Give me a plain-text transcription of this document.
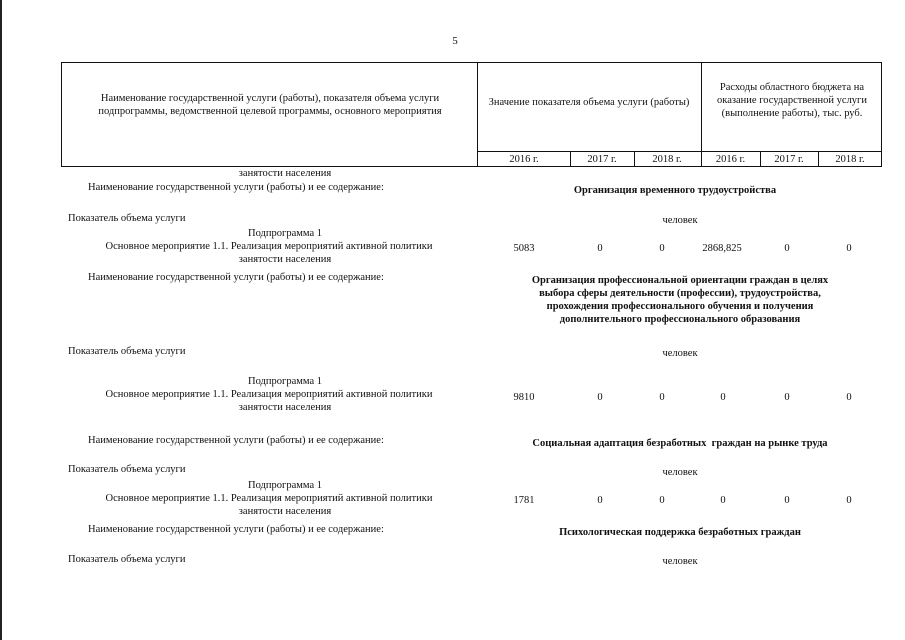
5
Наименование государственной услуги (работы), показателя объема услуги подпрограммы, ведомственной целевой программы, основного мероприятия
Значение показателя объема услуги (работы)
Расходы областного бюджета на оказание государственной услуги (выполнение работы), тыс. руб.
2016 г.	2017 г.	2018 г.	2016 г.	2017 г.	2018 г.
занятости населения
Наименование государственной услуги (работы) и ее содержание:	Организация временного трудоустройства
Показатель объема услуги	человек
Подпрограмма 1
Основное мероприятие 1.1. Реализация мероприятий активной политики
занятости населения
5083	0	0	2868,825	0	0
Наименование государственной услуги (работы) и ее содержание:	Организация профессиональной ориентации граждан в целях
выбора сферы деятельности (профессии), трудоустройства,
прохождения профессионального обучения и получения
дополнительного профессионального образования
Показатель объема услуги	человек
Подпрограмма 1
Основное мероприятие 1.1. Реализация мероприятий активной политики
занятости населения
9810	0	0	0	0	0
Наименование государственной услуги (работы) и ее содержание:	Социальная адаптация безработных  граждан на рынке труда
Показатель объема услуги	человек
Подпрограмма 1
Основное мероприятие 1.1. Реализация мероприятий активной политики
занятости населения
1781	0	0	0	0	0
Наименование государственной услуги (работы) и ее содержание:	Психологическая поддержка безработных граждан
Показатель объема услуги	человек
